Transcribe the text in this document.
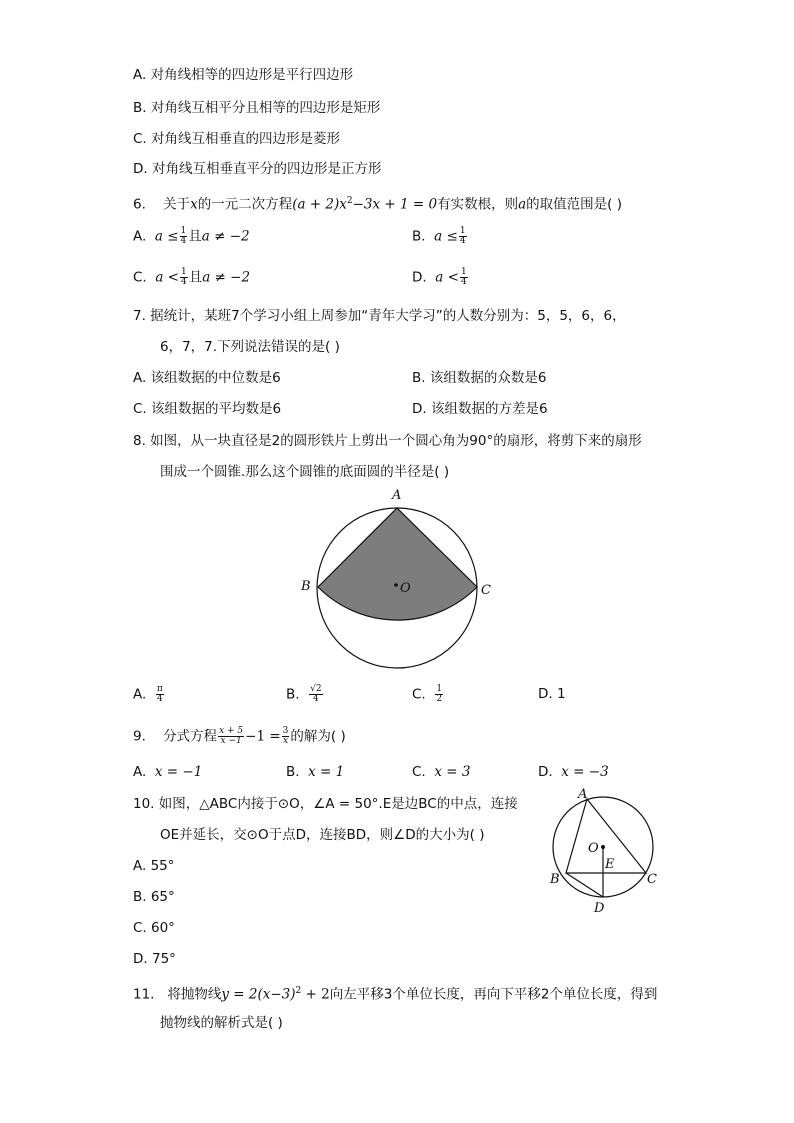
A. 对角线相等的四边形是平行四边形
B. 对角线互相平分且相等的四边形是矩形
C. 对角线互相垂直的四边形是菱形
D. 对角线互相垂直平分的四边形是正方形
6. 关于x的一元二次方程$(a + 2)x^2-3x + 1 = 0$有实数根，则a的取值范围是( )
A. $a \le \frac{1}{4}$ 且a ≠ −2	B. $a \le \frac{1}{4}$
C. $a < \frac{1}{4}$ 且a ≠ −2	D. $a < \frac{1}{4}$
7. 据统计，某班7个学习小组上周参加“青年大学习”的人数分别为：5，5，6，6，
6，7，7.下列说法错误的是( )
A. 该组数据的中位数是6	B. 该组数据的众数是6
C. 该组数据的平均数是6	D. 该组数据的方差是6
8. 如图，从一块直径是2的圆形铁片上剪出一个圆心角为90°的扇形，将剪下来的扇形
围成一个圆锥.那么这个圆锥的底面圆的半径是( )
A
B	C
O
A. $\frac{\pi}{4}$	B. $\frac{√2}{4}$	C. $\frac{1}{2}$	D. 1
9. 分式方程 $\frac{x + 5}{x -1} -1 = \frac{3}{x}$ 的解为( )
A. x = −1	B. x = 1	C. x = 3	D. x = −3
10. 如图，△ABC内接于⊙O，∠A = 50°.E是边BC的中点，连接
OE并延长，交⊙O于点D，连接BD，则∠D的大小为( )
A. 55°
B. 65°
C. 60°
D. 75°
A
O
E
B	C
D
11. 将抛物线$y = 2(x-3)^2 + 2$向左平移3个单位长度，再向下平移2个单位长度，得到
抛物线的解析式是( )
